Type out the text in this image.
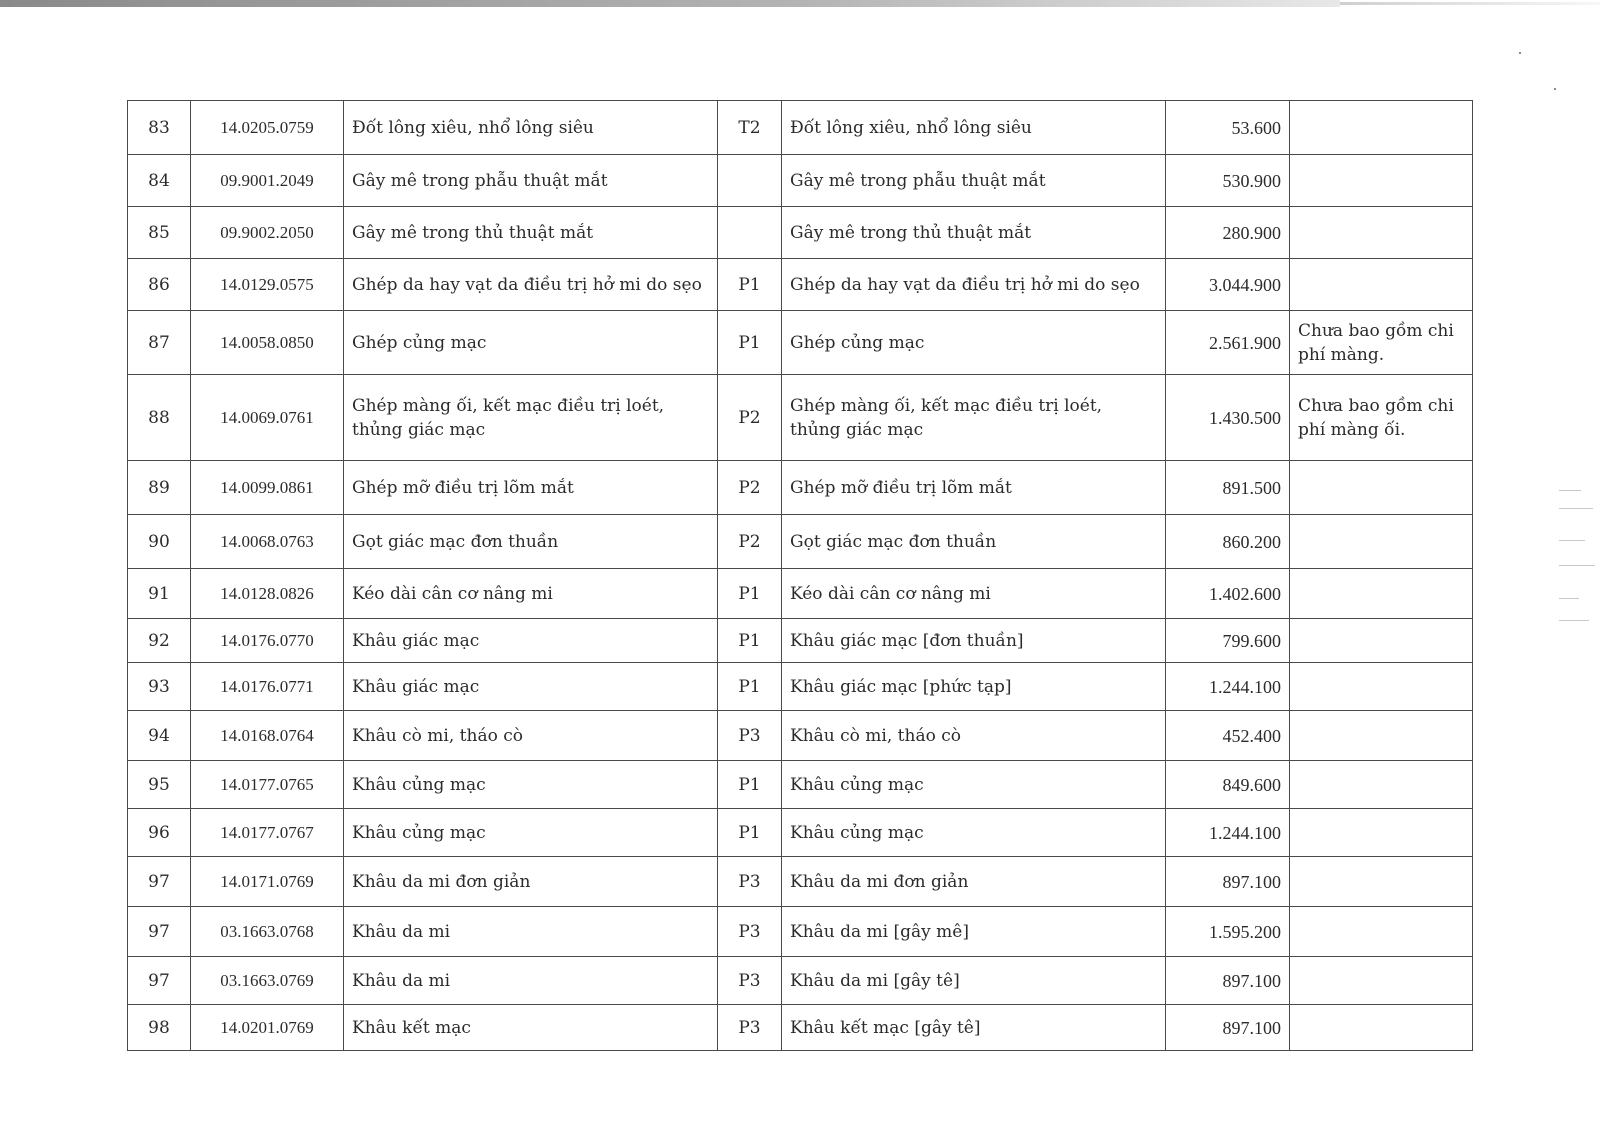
83	14.0205.0759	Đốt lông xiêu, nhổ lông siêu	T2	Đốt lông xiêu, nhổ lông siêu	53.600	
84	09.9001.2049	Gây mê trong phẫu thuật mắt		Gây mê trong phẫu thuật mắt	530.900	
85	09.9002.2050	Gây mê trong thủ thuật mắt		Gây mê trong thủ thuật mắt	280.900	
86	14.0129.0575	Ghép da hay vạt da điều trị hở mi do sẹo	P1	Ghép da hay vạt da điều trị hở mi do sẹo	3.044.900	
87	14.0058.0850	Ghép củng mạc	P1	Ghép củng mạc	2.561.900	Chưa bao gồm chi phí màng.
88	14.0069.0761	Ghép màng ối, kết mạc điều trị loét, thủng giác mạc	P2	Ghép màng ối, kết mạc điều trị loét, thủng giác mạc	1.430.500	Chưa bao gồm chi phí màng ối.
89	14.0099.0861	Ghép mỡ điều trị lõm mắt	P2	Ghép mỡ điều trị lõm mắt	891.500	
90	14.0068.0763	Gọt giác mạc đơn thuần	P2	Gọt giác mạc đơn thuần	860.200	
91	14.0128.0826	Kéo dài cân cơ nâng mi	P1	Kéo dài cân cơ nâng mi	1.402.600	
92	14.0176.0770	Khâu giác mạc	P1	Khâu giác mạc [đơn thuần]	799.600	
93	14.0176.0771	Khâu giác mạc	P1	Khâu giác mạc [phức tạp]	1.244.100	
94	14.0168.0764	Khâu cò mi, tháo cò	P3	Khâu cò mi, tháo cò	452.400	
95	14.0177.0765	Khâu củng mạc	P1	Khâu củng mạc	849.600	
96	14.0177.0767	Khâu củng mạc	P1	Khâu củng mạc	1.244.100	
97	14.0171.0769	Khâu da mi đơn giản	P3	Khâu da mi đơn giản	897.100	
97	03.1663.0768	Khâu da mi	P3	Khâu da mi [gây mê]	1.595.200	
97	03.1663.0769	Khâu da mi	P3	Khâu da mi [gây tê]	897.100	
98	14.0201.0769	Khâu kết mạc	P3	Khâu kết mạc [gây tê]	897.100	
